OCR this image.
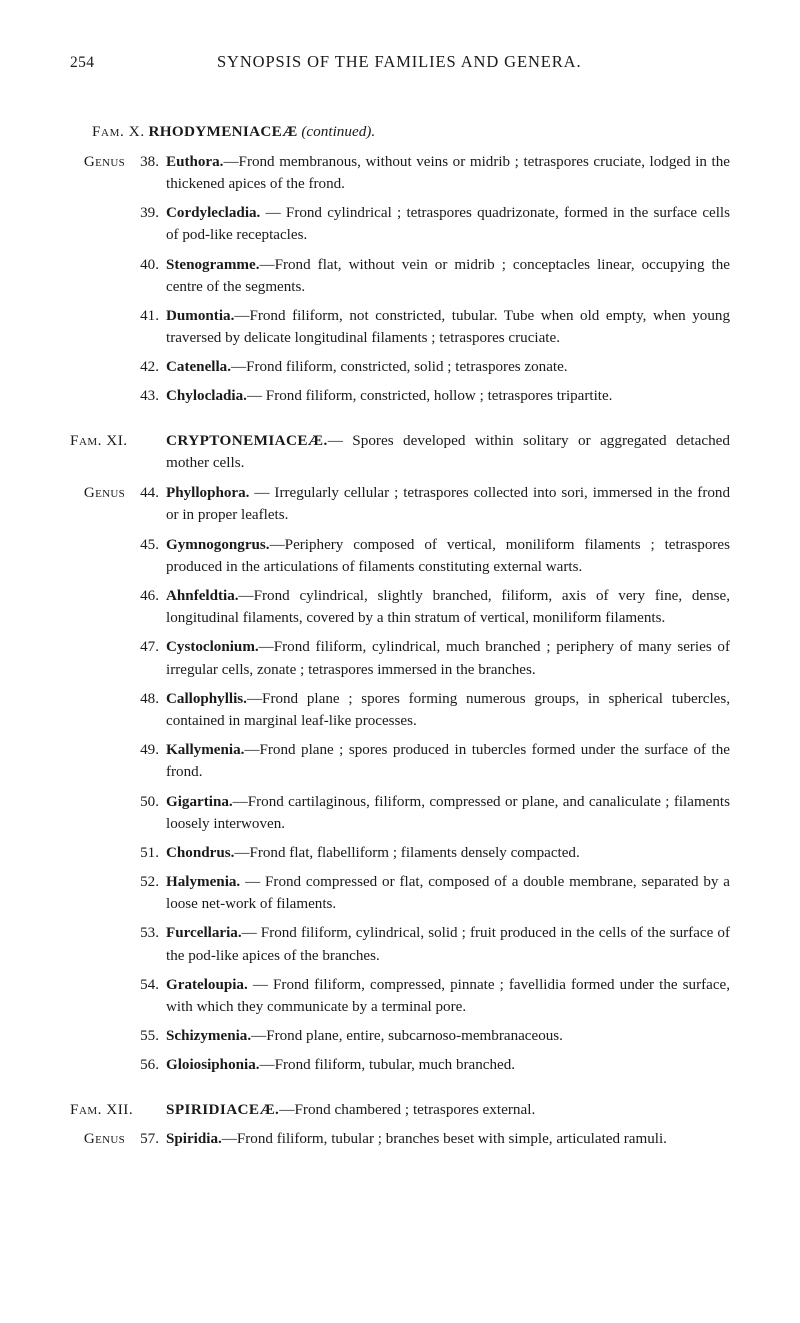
254	SYNOPSIS OF THE FAMILIES AND GENERA.
Fam. X. RHODYMENIACEÆ (continued).
Genus	38. Euthora.—Frond membranous, without veins or midrib ; tetraspores cruciate, lodged in the thickened apices of the frond.
39. Cordylecladia. — Frond cylindrical ; tetraspores quadrizonate, formed in the surface cells of pod-like receptacles.
40. Stenogramme.—Frond flat, without vein or midrib ; conceptacles linear, occupying the centre of the segments.
41. Dumontia.—Frond filiform, not constricted, tubular. Tube when old empty, when young traversed by delicate longitudinal filaments ; tetraspores cruciate.
42. Catenella.—Frond filiform, constricted, solid ; tetraspores zonate.
43. Chylocladia.— Frond filiform, constricted, hollow ; tetraspores tripartite.
Fam. XI.	CRYPTONEMIACEÆ.— Spores developed within solitary or aggregated detached mother cells.
Genus	44. Phyllophora. — Irregularly cellular ; tetraspores collected into sori, immersed in the frond or in proper leaflets.
45. Gymnogongrus.—Periphery composed of vertical, moniliform filaments ; tetraspores produced in the articulations of filaments constituting external warts.
46. Ahnfeldtia.—Frond cylindrical, slightly branched, filiform, axis of very fine, dense, longitudinal filaments, covered by a thin stratum of vertical, moniliform filaments.
47. Cystoclonium.—Frond filiform, cylindrical, much branched ; periphery of many series of irregular cells, zonate ; tetraspores immersed in the branches.
48. Callophyllis.—Frond plane ; spores forming numerous groups, in spherical tubercles, contained in marginal leaf-like processes.
49. Kallymenia.—Frond plane ; spores produced in tubercles formed under the surface of the frond.
50. Gigartina.—Frond cartilaginous, filiform, compressed or plane, and canaliculate ; filaments loosely interwoven.
51. Chondrus.—Frond flat, flabelliform ; filaments densely compacted.
52. Halymenia. — Frond compressed or flat, composed of a double membrane, separated by a loose net-work of filaments.
53. Furcellaria.— Frond filiform, cylindrical, solid ; fruit produced in the cells of the surface of the pod-like apices of the branches.
54. Grateloupia. — Frond filiform, compressed, pinnate ; favellidia formed under the surface, with which they communicate by a terminal pore.
55. Schizymenia.—Frond plane, entire, subcarnoso-membranaceous.
56. Gloiosiphonia.—Frond filiform, tubular, much branched.
Fam. XII.	SPIRIDIACEÆ.—Frond chambered ; tetraspores external.
Genus	57. Spiridia.—Frond filiform, tubular ; branches beset with simple, articulated ramuli.
